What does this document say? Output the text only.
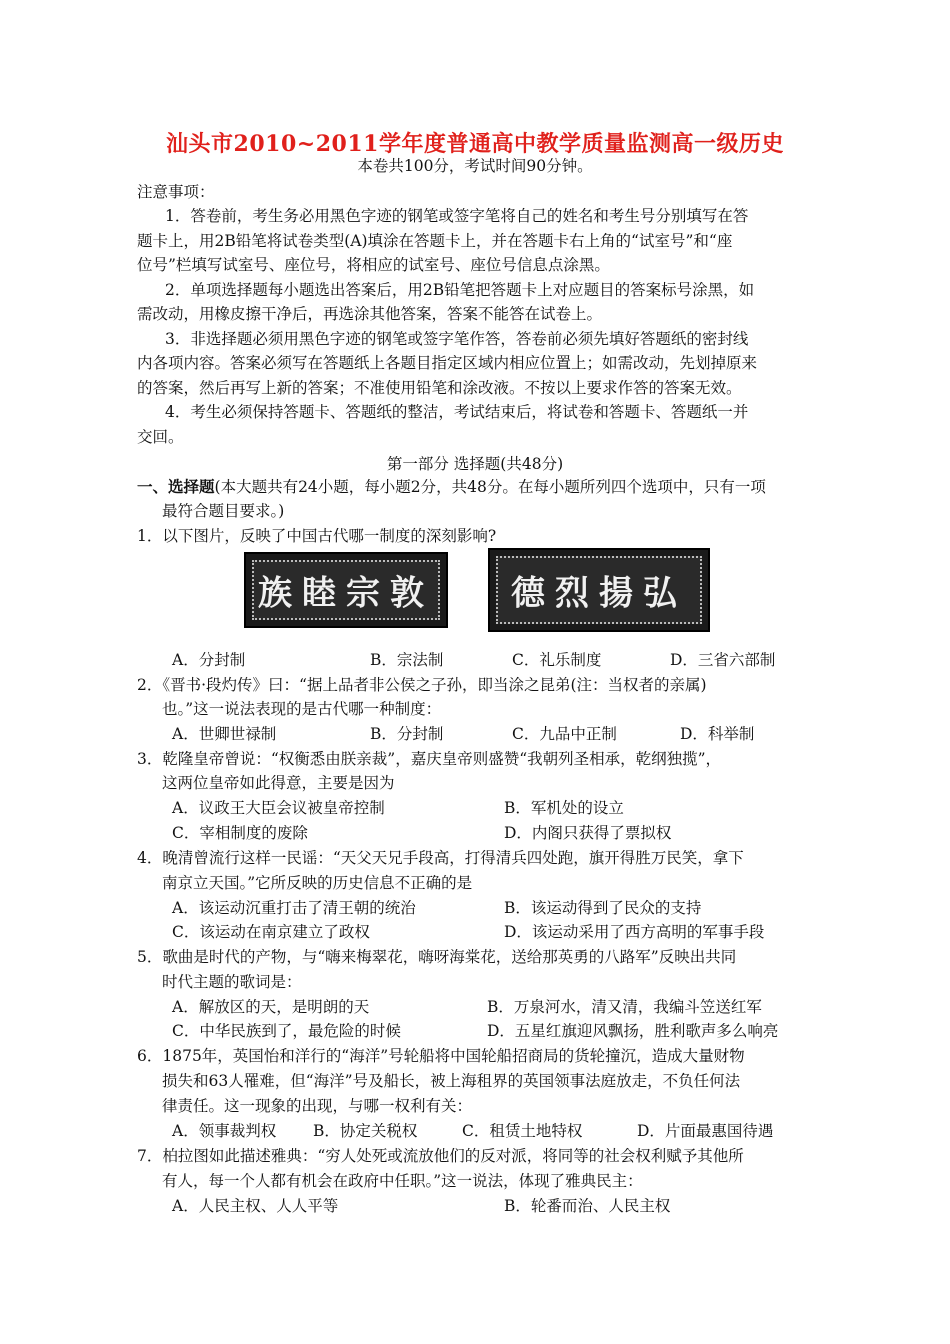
汕头市2010~2011学年度普通高中教学质量监测高一级历史
本卷共100分，考试时间90分钟。
注意事项：
1．答卷前，考生务必用黑色字迹的钢笔或签字笔将自己的姓名和考生号分别填写在答
题卡上，用2B铅笔将试卷类型(A)填涂在答题卡上，并在答题卡右上角的“试室号”和“座
位号”栏填写试室号、座位号，将相应的试室号、座位号信息点涂黑。
2．单项选择题每小题选出答案后，用2B铅笔把答题卡上对应题目的答案标号涂黑，如
需改动，用橡皮擦干净后，再选涂其他答案，答案不能答在试卷上。
3．非选择题必须用黑色字迹的钢笔或签字笔作答，答卷前必须先填好答题纸的密封线
内各项内容。答案必须写在答题纸上各题目指定区域内相应位置上；如需改动，先划掉原来
的答案，然后再写上新的答案；不准使用铅笔和涂改液。不按以上要求作答的答案无效。
4．考生必须保持答题卡、答题纸的整洁，考试结束后，将试卷和答题卡、答题纸一并
交回。
第一部分 选择题(共48分)
一、选择题(本大题共有24小题，每小题2分，共48分。在每小题所列四个选项中，只有一项
最符合题目要求。)
1．以下图片，反映了中国古代哪一制度的深刻影响?
族睦宗敦	德烈揚弘
A．分封制	B．宗法制	C．礼乐制度	D．三省六部制
2．《晋书·段灼传》曰：“据上品者非公侯之子孙，即当涂之昆弟(注：当权者的亲属)
也。”这一说法表现的是古代哪一种制度：
A．世卿世禄制	B．分封制	C．九品中正制	D．科举制
3．乾隆皇帝曾说：“权衡悉由朕亲裁”，嘉庆皇帝则盛赞“我朝列圣相承，乾纲独揽”，
这两位皇帝如此得意，主要是因为
A．议政王大臣会议被皇帝控制	B．军机处的设立
C．宰相制度的废除	D．内阁只获得了票拟权
4．晚清曾流行这样一民谣：“天父天兄手段高，打得清兵四处跑，旗开得胜万民笑，拿下
南京立天国。”它所反映的历史信息不正确的是
A．该运动沉重打击了清王朝的统治	B．该运动得到了民众的支持
C．该运动在南京建立了政权	D．该运动采用了西方高明的军事手段
5．歌曲是时代的产物，与“嗨来梅翠花，嗨呀海棠花，送给那英勇的八路军”反映出共同
时代主题的歌词是：
A．解放区的天，是明朗的天	B．万泉河水，清又清，我编斗笠送红军
C．中华民族到了，最危险的时候	D．五星红旗迎风飘扬，胜利歌声多么响亮
6．1875年，英国怡和洋行的“海洋”号轮船将中国轮船招商局的货轮撞沉，造成大量财物
损失和63人罹难，但“海洋”号及船长，被上海租界的英国领事法庭放走，不负任何法
律责任。这一现象的出现，与哪一权利有关：
A．领事裁判权 B．协定关税权	C．租赁土地特权	D．片面最惠国待遇
7．柏拉图如此描述雅典：“穷人处死或流放他们的反对派，将同等的社会权利赋予其他所
有人，每一个人都有机会在政府中任职。”这一说法，体现了雅典民主：
A．人民主权、人人平等	B．轮番而治、人民主权
